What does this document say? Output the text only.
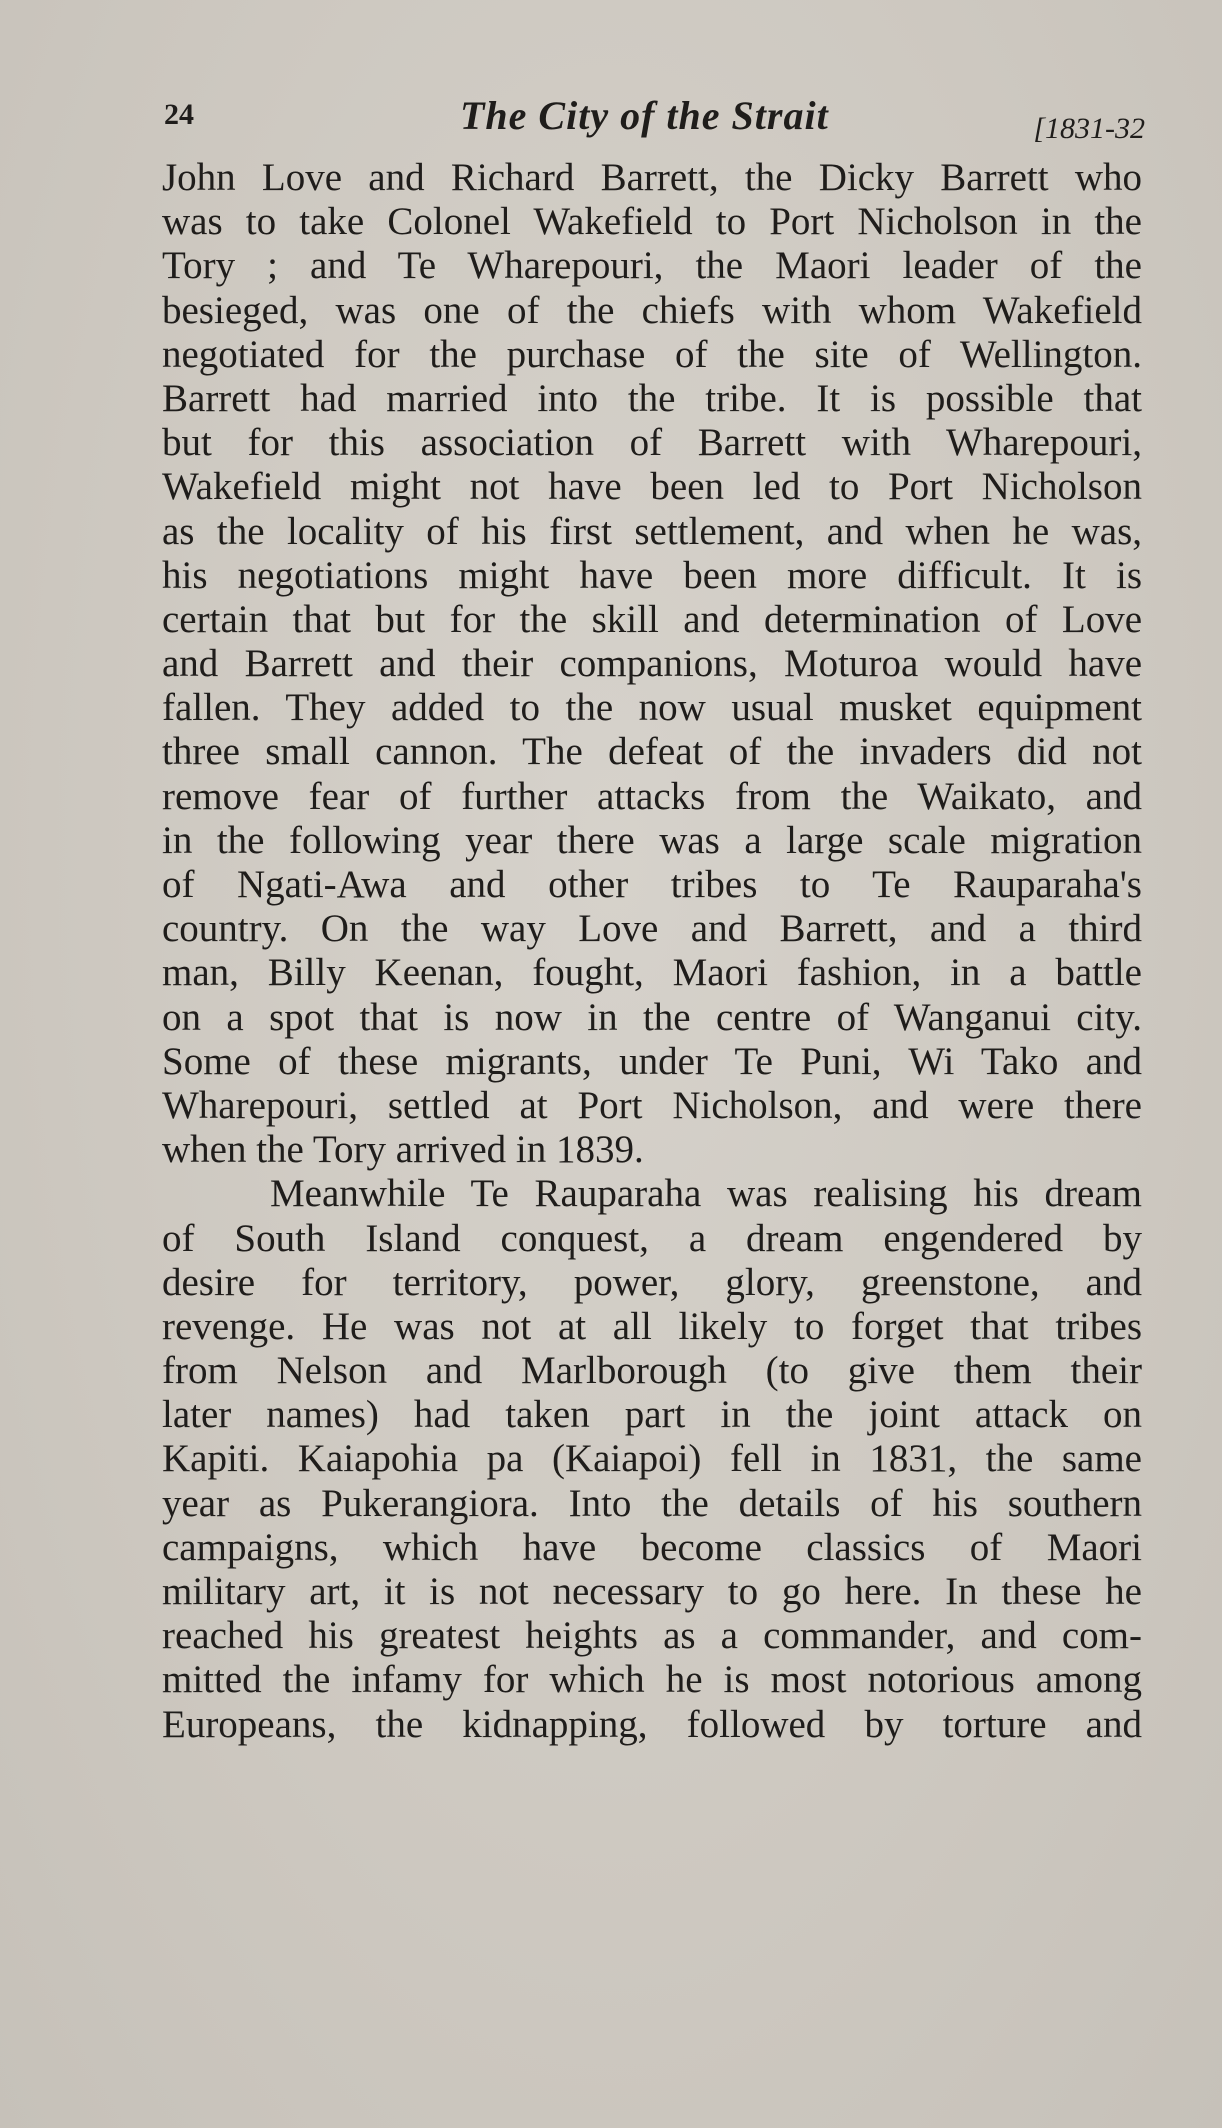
24	The City of the Strait	[1831-32
John Love and Richard Barrett, the Dicky Barrett who
was to take Colonel Wakefield to Port Nicholson in the
Tory ; and Te Wharepouri, the Maori leader of the
besieged, was one of the chiefs with whom Wakefield
negotiated for the purchase of the site of Wellington.
Barrett had married into the tribe. It is possible that
but for this association of Barrett with Wharepouri,
Wakefield might not have been led to Port Nicholson
as the locality of his first settlement, and when he was,
his negotiations might have been more difficult. It is
certain that but for the skill and determination of Love
and Barrett and their companions, Moturoa would have
fallen. They added to the now usual musket equipment
three small cannon. The defeat of the invaders did not
remove fear of further attacks from the Waikato, and
in the following year there was a large scale migration
of Ngati-Awa and other tribes to Te Rauparaha's
country. On the way Love and Barrett, and a third
man, Billy Keenan, fought, Maori fashion, in a battle
on a spot that is now in the centre of Wanganui city.
Some of these migrants, under Te Puni, Wi Tako and
Wharepouri, settled at Port Nicholson, and were there
when the Tory arrived in 1839.
Meanwhile Te Rauparaha was realising his dream
of South Island conquest, a dream engendered by
desire for territory, power, glory, greenstone, and
revenge. He was not at all likely to forget that tribes
from Nelson and Marlborough (to give them their
later names) had taken part in the joint attack on
Kapiti. Kaiapohia pa (Kaiapoi) fell in 1831, the same
year as Pukerangiora. Into the details of his southern
campaigns, which have become classics of Maori
military art, it is not necessary to go here. In these he
reached his greatest heights as a commander, and com-
mitted the infamy for which he is most notorious among
Europeans, the kidnapping, followed by torture and
